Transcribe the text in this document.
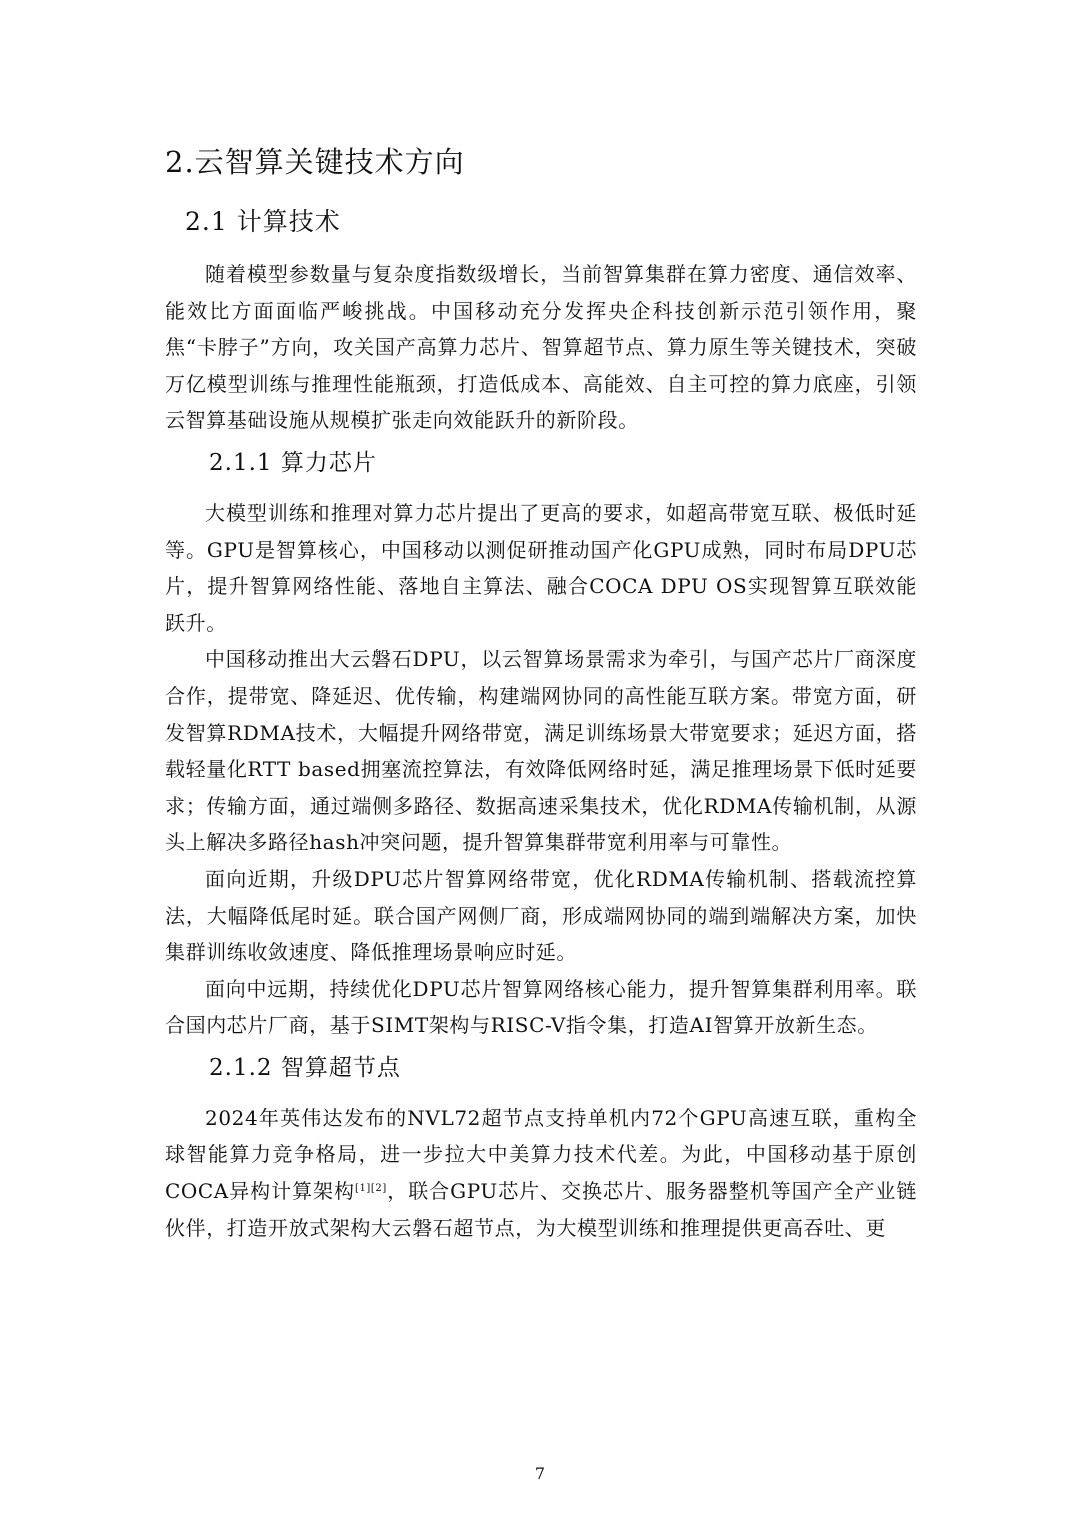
2.云智算关键技术方向
2.1 计算技术

随着模型参数量与复杂度指数级增长，当前智算集群在算力密度、通信效率、能效比方面面临严峻挑战。中国移动充分发挥央企科技创新示范引领作用，聚焦“卡脖子”方向，攻关国产高算力芯片、智算超节点、算力原生等关键技术，突破万亿模型训练与推理性能瓶颈，打造低成本、高能效、自主可控的算力底座，引领云智算基础设施从规模扩张走向效能跃升的新阶段。

2.1.1 算力芯片

大模型训练和推理对算力芯片提出了更高的要求，如超高带宽互联、极低时延等。GPU是智算核心，中国移动以测促研推动国产化GPU成熟，同时布局DPU芯片，提升智算网络性能、落地自主算法、融合COCA DPU OS实现智算互联效能跃升。

中国移动推出大云磐石DPU，以云智算场景需求为牵引，与国产芯片厂商深度合作，提带宽、降延迟、优传输，构建端网协同的高性能互联方案。带宽方面，研发智算RDMA技术，大幅提升网络带宽，满足训练场景大带宽要求；延迟方面，搭载轻量化RTT based拥塞流控算法，有效降低网络时延，满足推理场景下低时延要求；传输方面，通过端侧多路径、数据高速采集技术，优化RDMA传输机制，从源头上解决多路径hash冲突问题，提升智算集群带宽利用率与可靠性。

面向近期，升级DPU芯片智算网络带宽，优化RDMA传输机制、搭载流控算法，大幅降低尾时延。联合国产网侧厂商，形成端网协同的端到端解决方案，加快集群训练收敛速度、降低推理场景响应时延。

面向中远期，持续优化DPU芯片智算网络核心能力，提升智算集群利用率。联合国内芯片厂商，基于SIMT架构与RISC-V指令集，打造AI智算开放新生态。

2.1.2 智算超节点

2024年英伟达发布的NVL72超节点支持单机内72个GPU高速互联，重构全球智能算力竞争格局，进一步拉大中美算力技术代差。为此，中国移动基于原创COCA异构计算架构[1][2]，联合GPU芯片、交换芯片、服务器整机等国产全产业链伙伴，打造开放式架构大云磐石超节点，为大模型训练和推理提供更高吞吐、更

7
